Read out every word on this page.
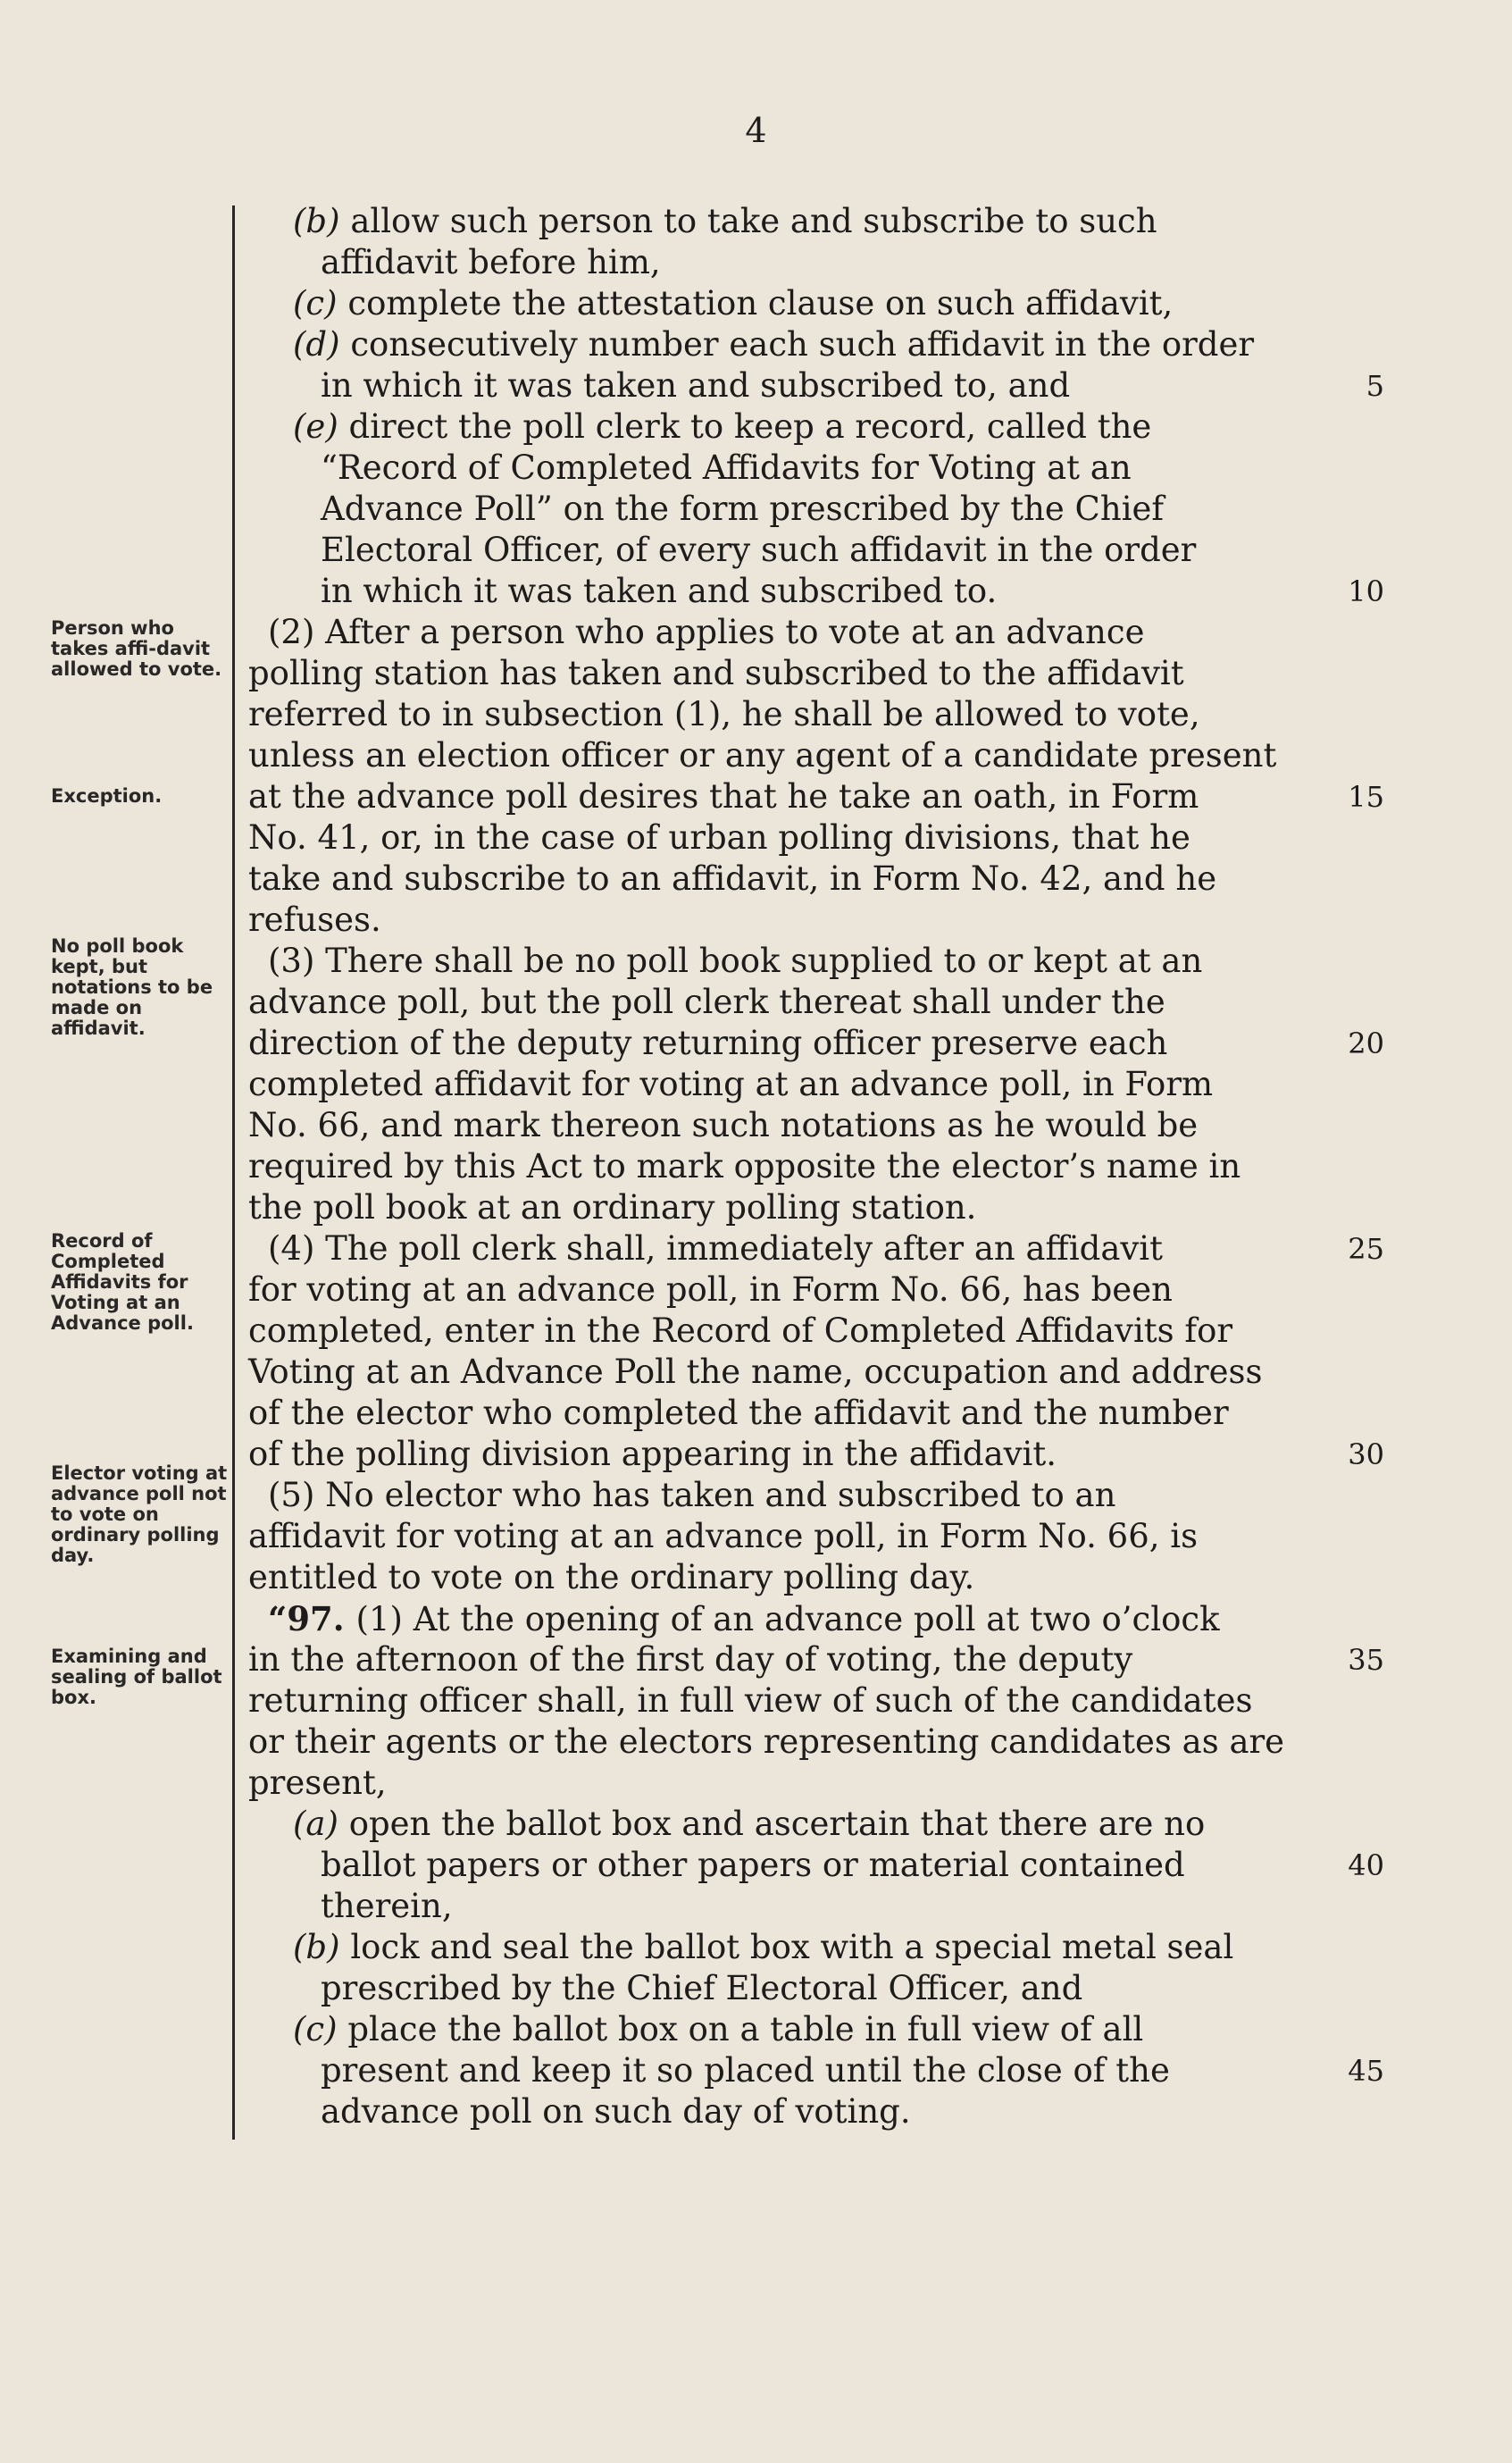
4
Person who takes affi-davit allowed to vote.
Exception.
No poll book kept, but notations to be made on affidavit.
Record of Completed Affidavits for Voting at an Advance poll.
Elector voting at advance poll not to vote on ordinary polling day.
Examining and sealing of ballot box.
(b) allow such person to take and subscribe to such
affidavit before him,
(c) complete the attestation clause on such affidavit,
(d) consecutively number each such affidavit in the order
in which it was taken and subscribed to, and
(e) direct the poll clerk to keep a record, called the
“Record of Completed Affidavits for Voting at an
Advance Poll” on the form prescribed by the Chief
Electoral Officer, of every such affidavit in the order
in which it was taken and subscribed to.
(2) After a person who applies to vote at an advance
polling station has taken and subscribed to the affidavit
referred to in subsection (1), he shall be allowed to vote,
unless an election officer or any agent of a candidate present
at the advance poll desires that he take an oath, in Form
No. 41, or, in the case of urban polling divisions, that he
take and subscribe to an affidavit, in Form No. 42, and he
refuses.
(3) There shall be no poll book supplied to or kept at an
advance poll, but the poll clerk thereat shall under the
direction of the deputy returning officer preserve each
completed affidavit for voting at an advance poll, in Form
No. 66, and mark thereon such notations as he would be
required by this Act to mark opposite the elector’s name in
the poll book at an ordinary polling station.
(4) The poll clerk shall, immediately after an affidavit
for voting at an advance poll, in Form No. 66, has been
completed, enter in the Record of Completed Affidavits for
Voting at an Advance Poll the name, occupation and address
of the elector who completed the affidavit and the number
of the polling division appearing in the affidavit.
(5) No elector who has taken and subscribed to an
affidavit for voting at an advance poll, in Form No. 66, is
entitled to vote on the ordinary polling day.
“97. (1) At the opening of an advance poll at two o’clock
in the afternoon of the first day of voting, the deputy
returning officer shall, in full view of such of the candidates
or their agents or the electors representing candidates as are
present,
(a) open the ballot box and ascertain that there are no
ballot papers or other papers or material contained
therein,
(b) lock and seal the ballot box with a special metal seal
prescribed by the Chief Electoral Officer, and
(c) place the ballot box on a table in full view of all
present and keep it so placed until the close of the
advance poll on such day of voting.
5
10
15
20
25
30
35
40
45
